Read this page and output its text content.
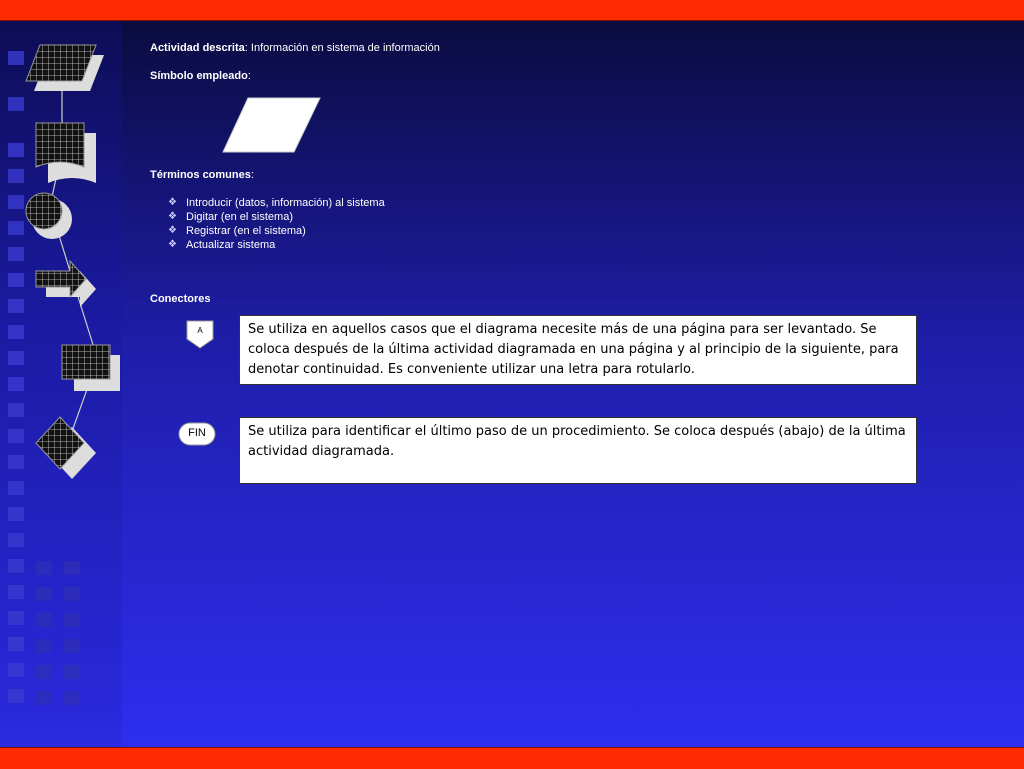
Actividad descrita: Información en sistema de información
Símbolo empleado:
Términos comunes:
❖ Introducir (datos, información) al sistema
❖ Digitar (en el sistema)
❖ Registrar (en el sistema)
❖ Actualizar sistema
Conectores
A	Se utiliza en aquellos casos que el diagrama necesite más de una página para ser levantado. Se coloca después de la última actividad diagramada en una página y al principio de la siguiente, para denotar continuidad. Es conveniente utilizar una letra para rotularlo.
FIN	Se utiliza para identificar el último paso de un procedimiento. Se coloca después (abajo) de la última actividad diagramada.
